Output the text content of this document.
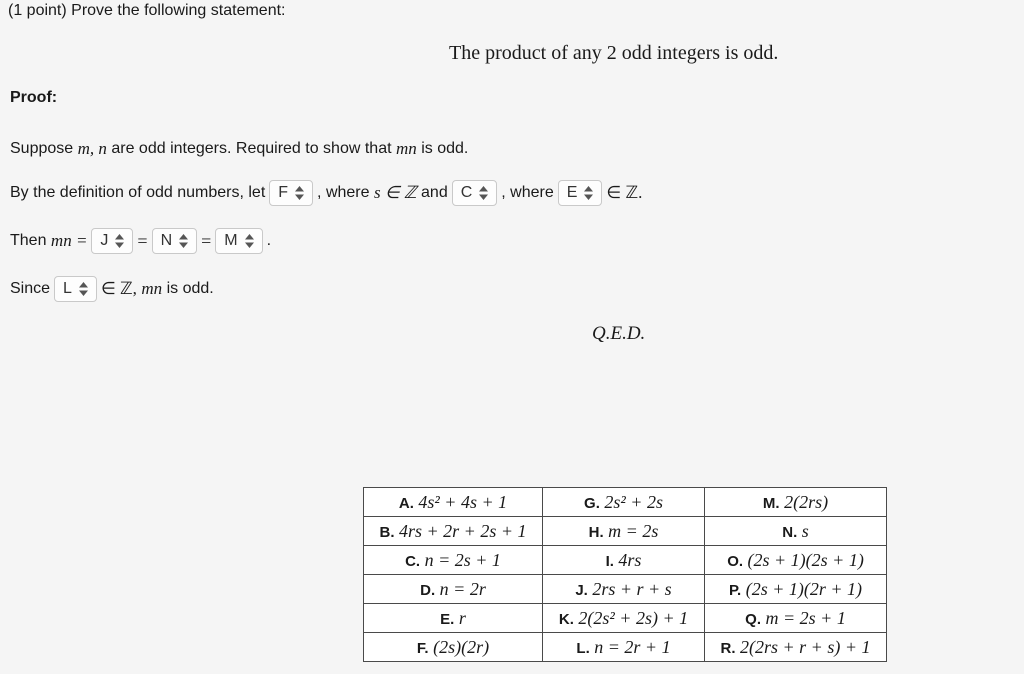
(1 point) Prove the following statement:
The product of any 2 odd integers is odd.
Proof:
Suppose
m, n
are odd integers. Required to show that
mn
is odd.
By the definition of odd numbers, let F , where
s ∈ ℤ
and C , where E ∈ ℤ.
Then
mn = J = N = M .
Since L ∈ ℤ,
mn
is odd.
Q.E.D.
A. 4s² + 4s + 1	G. 2s² + 2s	M. 2(2rs)
B. 4rs + 2r + 2s + 1	H. m = 2s	N. s
C. n = 2s + 1	I. 4rs	O. (2s + 1)(2s + 1)
D. n = 2r	J. 2rs + r + s	P. (2s + 1)(2r + 1)
E. r	K. 2(2s² + 2s) + 1	Q. m = 2s + 1
F. (2s)(2r)	L. n = 2r + 1	R. 2(2rs + r + s) + 1
